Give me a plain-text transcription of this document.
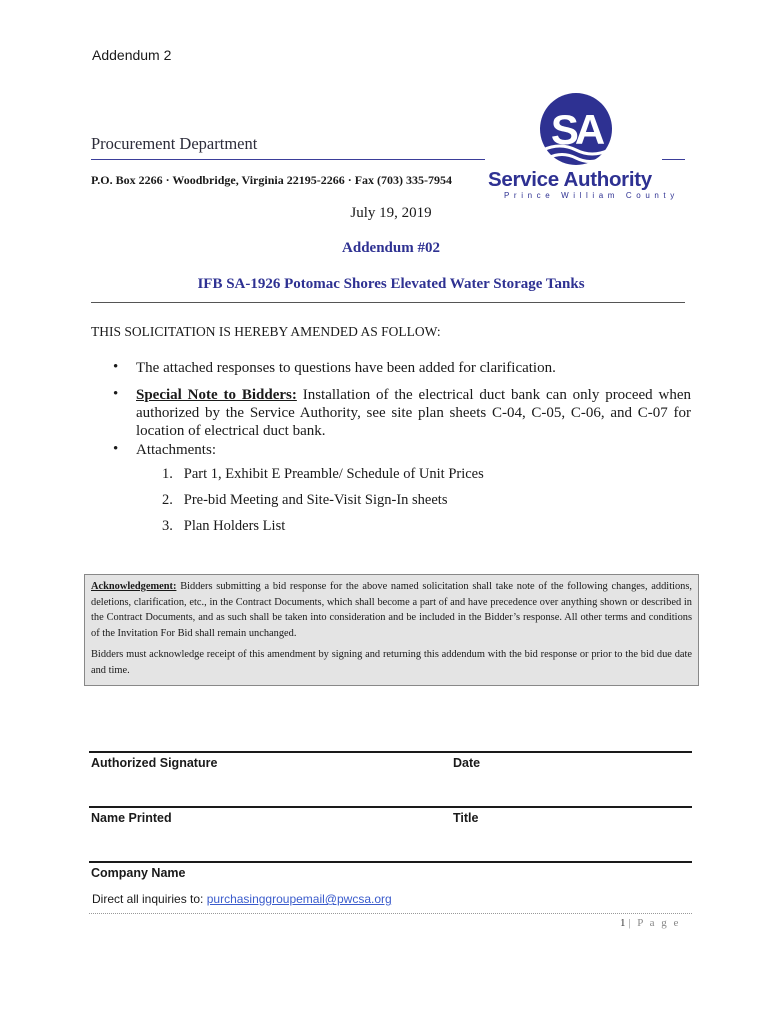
Addendum 2
Procurement Department
P.O. Box 2266 · Woodbridge, Virginia 22195-2266 · Fax (703) 335-7954
SA
Service Authority
Prince William County
July 19, 2019
Addendum #02
IFB SA-1926 Potomac Shores Elevated Water Storage Tanks
THIS SOLICITATION IS HEREBY AMENDED AS FOLLOW:
• The attached responses to questions have been added for clarification.
• Special Note to Bidders: Installation of the electrical duct bank can only proceed when authorized by the Service Authority, see site plan sheets C-04, C-05, C-06, and C-07 for location of electrical duct bank.
• Attachments:
1.   Part 1, Exhibit E Preamble/ Schedule of Unit Prices
2.   Pre-bid Meeting and Site-Visit Sign-In sheets
3.   Plan Holders List
Acknowledgement: Bidders submitting a bid response for the above named solicitation shall take note of the following changes, additions, deletions, clarification, etc., in the Contract Documents, which shall become a part of and have precedence over anything shown or described in the Contract Documents, and as such shall be taken into consideration and be included in the Bidder’s response. All other terms and conditions of the Invitation For Bid shall remain unchanged.
Bidders must acknowledge receipt of this amendment by signing and returning this addendum with the bid response or prior to the bid due date and time.
Authorized Signature	Date
Name Printed	Title
Company Name
Direct all inquiries to: purchasinggroupemail@pwcsa.org
1 | P a g e
